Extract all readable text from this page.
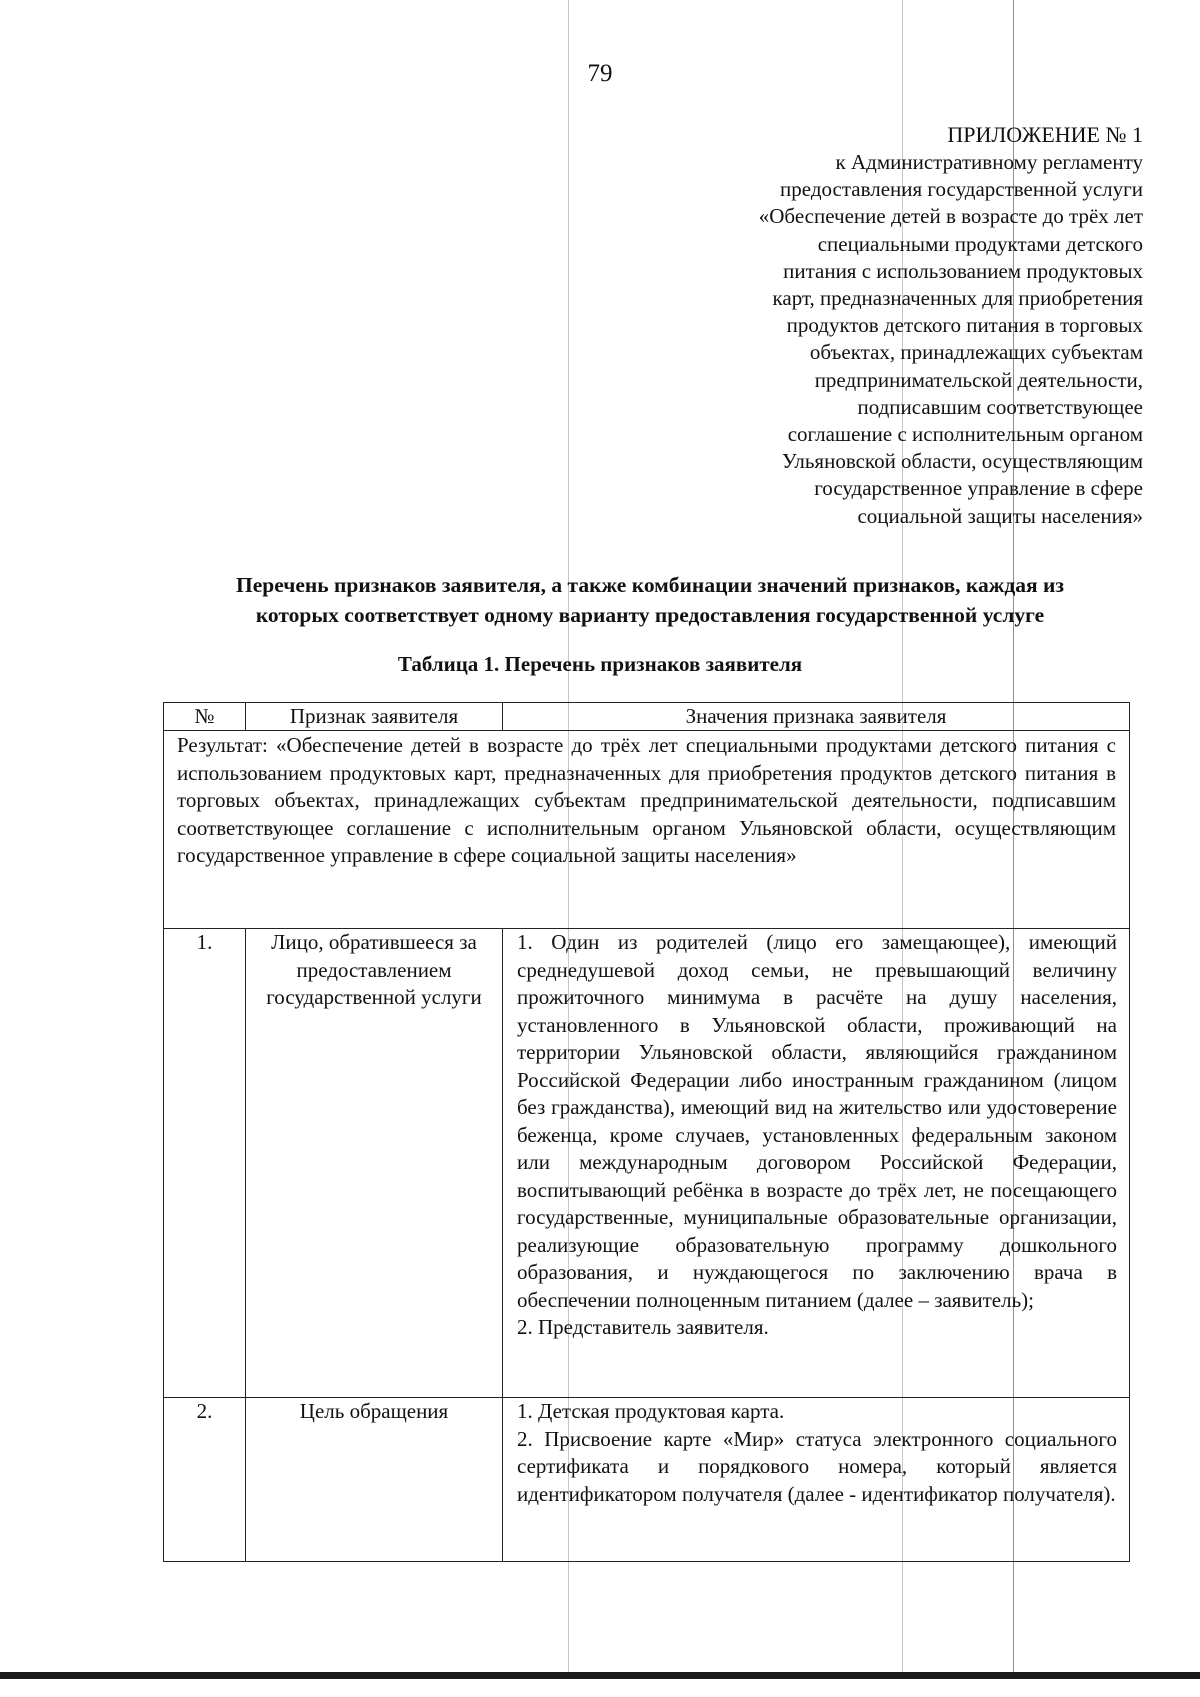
79
ПРИЛОЖЕНИЕ № 1
к Административному регламенту
предоставления государственной услуги
«Обеспечение детей в возрасте до трёх лет
специальными продуктами детского
питания с использованием продуктовых
карт, предназначенных для приобретения
продуктов детского питания в торговых
объектах, принадлежащих субъектам
предпринимательской деятельности,
подписавшим соответствующее
соглашение с исполнительным органом
Ульяновской области, осуществляющим
государственное управление в сфере
социальной защиты населения»
Перечень признаков заявителя, а также комбинации значений признаков, каждая из
которых соответствует одному варианту предоставления государственной услуге
Таблица 1. Перечень признаков заявителя
№	Признак заявителя	Значения признака заявителя
Результат: «Обеспечение детей в возрасте до трёх лет специальными продуктами детского питания с использованием продуктовых карт, предназначенных для приобретения продуктов детского питания в торговых объектах, принадлежащих субъектам предпринимательской деятельности, подписавшим соответствующее соглашение с исполнительным органом Ульяновской области, осуществляющим государственное управление в сфере социальной защиты населения»		
1.	Лицо, обратившееся за предоставлением государственной услуги	1. Один из родителей (лицо его замещающее), имеющий среднедушевой доход семьи, не превышающий величину прожиточного минимума в расчёте на душу населения, установленного в Ульяновской области, проживающий на территории Ульяновской области, являющийся гражданином Российской Федерации либо иностранным гражданином (лицом без гражданства), имеющий вид на жительство или удостоверение беженца, кроме случаев, установленных федеральным законом или международным договором Российской Федерации, воспитывающий ребёнка в возрасте до трёх лет, не посещающего государственные, муниципальные образовательные организации, реализующие образовательную программу дошкольного образования, и нуждающегося по заключению врача в обеспечении полноценным питанием (далее – заявитель);

2. Представитель заявителя.

2.	Цель обращения	1. Детская продуктовая карта.

2. Присвоение карте «Мир» статуса электронного социального сертификата и порядкового номера, который является идентификатором получателя (далее - идентификатор получателя).
